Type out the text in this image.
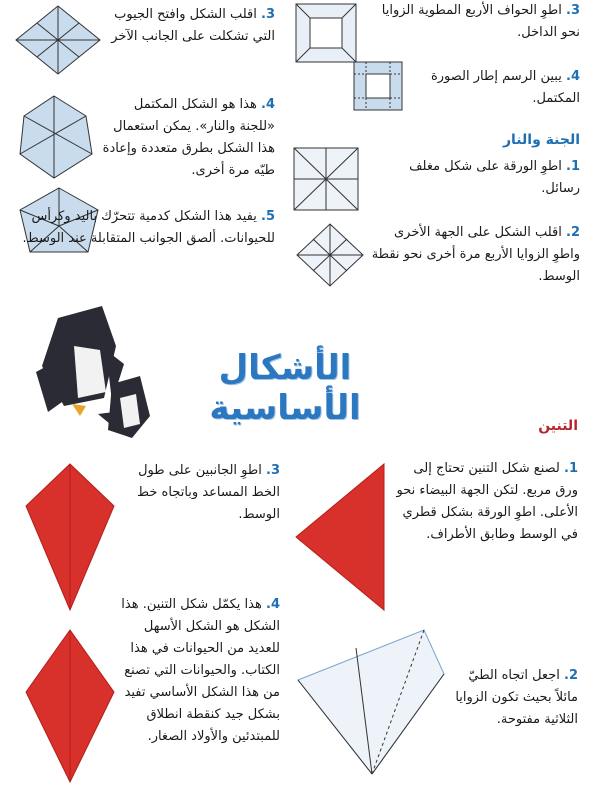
3. اطوِ الحواف الأربع المطوية الزوايا نحو الداخل.
4. يبين الرسم إطار الصورة المكتمل.
الجنة والنار
1. اطوِ الورقة على شكل مغلف رسائل.
2. اقلب الشكل على الجهة الأخرى واطوِ الزوايا الأربع مرة أخرى نحو نقطة الوسط.
3. اقلب الشكل وافتح الجيوب التي تشكلت على الجانب الآخر
4. هذا هو الشكل المكتمل «للجنة والنار». يمكن استعمال هذا الشكل بطرق متعددة وإعادة طيّه مرة أخرى.
5. يفيد هذا الشكل كدمية تتحرّك باليد وكرأس للحيوانات. ألصق الجوانب المتقابلة عند الوسط.
الأشكال الأساسية	التنين
1. لصنع شكل التنين تحتاج إلى ورق مربع. لتكن الجهة البيضاء نحو الأعلى. اطوِ الورقة بشكل قطري في الوسط وطابق الأطراف.
2. اجعل اتجاه الطيّ مائلاً بحيث تكون الزوايا الثلاثية مفتوحة.
3. اطوِ الجانبين على طول الخط المساعد وباتجاه خط الوسط.
4. هذا يكمّل شكل التنين. هذا الشكل هو الشكل الأسهل للعديد من الحيوانات في هذا الكتاب. والحيوانات التي تصنع من هذا الشكل الأساسي تفيد بشكل جيد كنقطة انطلاق للمبتدئين والأولاد الصغار.
